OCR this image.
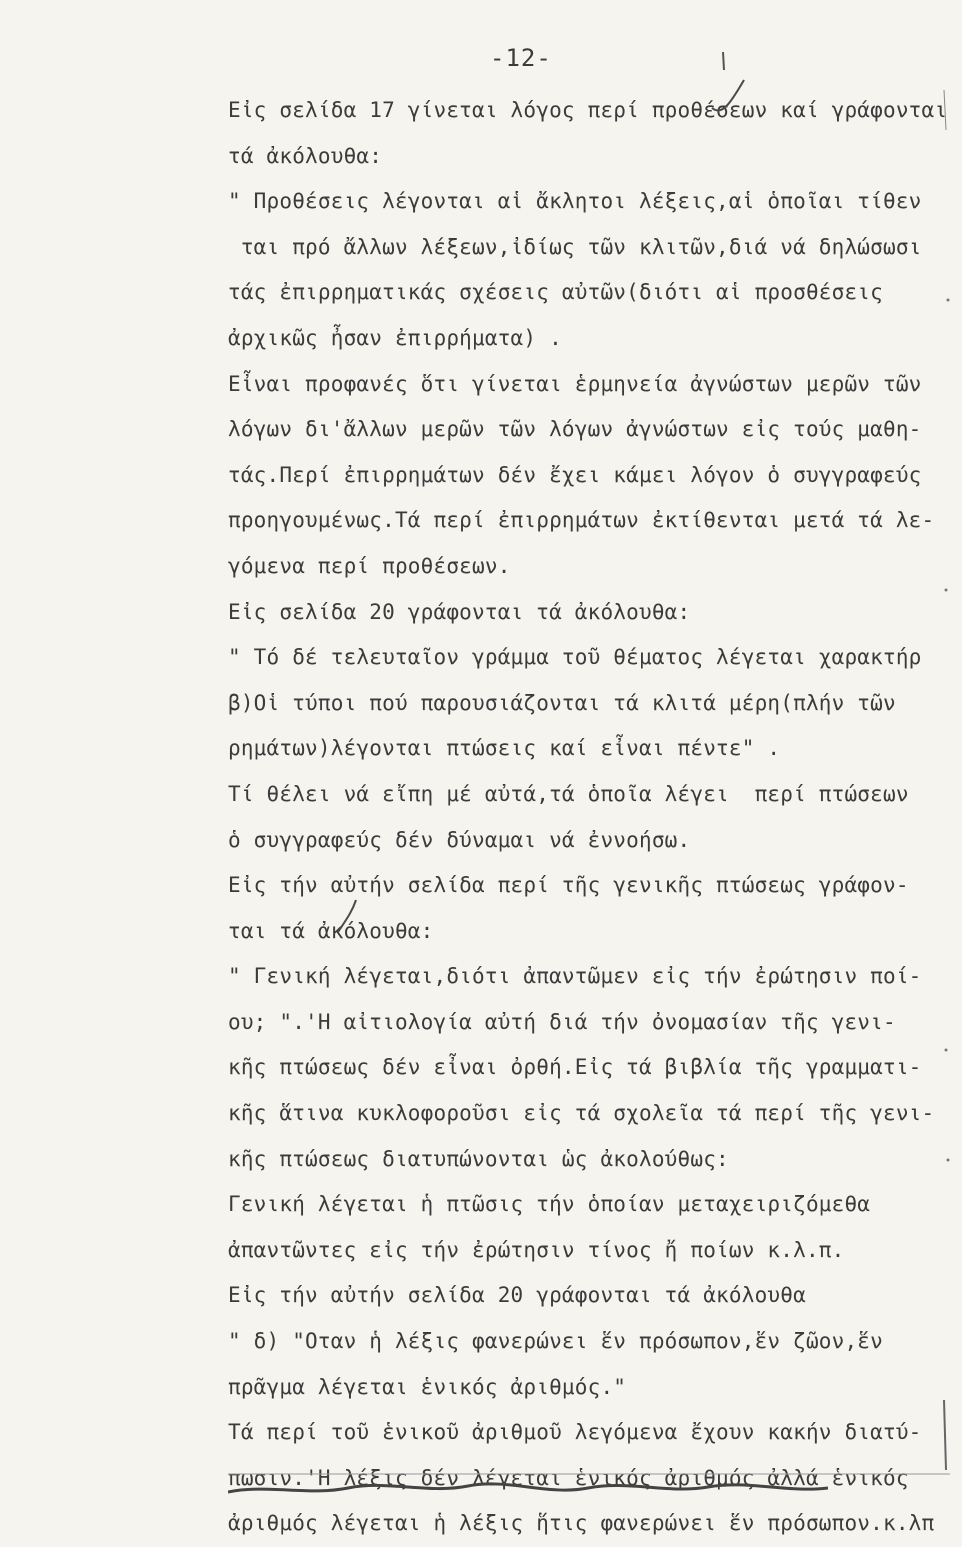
-12-
Εἰς σελίδα 17 γίνεται λόγος περί προθέσεων καί γράφονται
τά ἀκόλουθα:
" Προθέσεις λέγονται αἱ ἄκλητοι λέξεις,αἱ ὁποῖαι τίθεν
ται πρό ἄλλων λέξεων,ἰδίως τῶν κλιτῶν,διά νά δηλώσωσι
τάς ἐπιρρηματικάς σχέσεις αὐτῶν(διότι αἱ προσθέσεις
ἀρχικῶς ἦσαν ἐπιρρήματα) .
Εἶναι προφανές ὅτι γίνεται ἑρμηνεία ἀγνώστων μερῶν τῶν
λόγων δι'ἄλλων μερῶν τῶν λόγων ἀγνώστων εἰς τούς μαθη-
τάς.Περί ἐπιρρημάτων δέν ἔχει κάμει λόγον ὁ συγγραφεύς
προηγουμένως.Τά περί ἐπιρρημάτων ἐκτίθενται μετά τά λε-
γόμενα περί προθέσεων.
Εἰς σελίδα 20 γράφονται τά ἀκόλουθα:
" Τό δέ τελευταῖον γράμμα τοῦ θέματος λέγεται χαρακτήρ
β)Οἱ τύποι πού παρουσιάζονται τά κλιτά μέρη(πλήν τῶν
ρημάτων)λέγονται πτώσεις καί εἶναι πέντε" .
Τί θέλει νά εἴπη μέ αὐτά,τά ὁποῖα λέγει  περί πτώσεων
ὁ συγγραφεύς δέν δύναμαι νά ἐννοήσω.
Εἰς τήν αὐτήν σελίδα περί τῆς γενικῆς πτώσεως γράφον-
ται τά ἀκόλουθα:
" Γενική λέγεται,διότι ἀπαντῶμεν εἰς τήν ἐρώτησιν ποί-
ου; ".'Η αἰτιολογία αὐτή διά τήν ὀνομασίαν τῆς γενι-
κῆς πτώσεως δέν εἶναι ὀρθή.Εἰς τά βιβλία τῆς γραμματι-
κῆς ἅτινα κυκλοφοροῦσι εἰς τά σχολεῖα τά περί τῆς γενι-
κῆς πτώσεως διατυπώνονται ὡς ἀκολούθως:
Γενική λέγεται ἡ πτῶσις τήν ὁποίαν μεταχειριζόμεθα
ἀπαντῶντες εἰς τήν ἐρώτησιν τίνος ἤ ποίων κ.λ.π.
Εἰς τήν αὐτήν σελίδα 20 γράφονται τά ἀκόλουθα
" δ) "Οταν ἡ λέξις φανερώνει ἕν πρόσωπον,ἕν ζῶον,ἕν
πρᾶγμα λέγεται ἑνικός ἀριθμός."
Τά περί τοῦ ἑνικοῦ ἀριθμοῦ λεγόμενα ἔχουν κακήν διατύ-
πωσιν.'Η λέξις δέν λέγεται ἑνικός ἀριθμός ἀλλά ἑνικός
ἀριθμός λέγεται ἡ λέξις ἥτις φανερώνει ἕν πρόσωπον.κ.λπ
